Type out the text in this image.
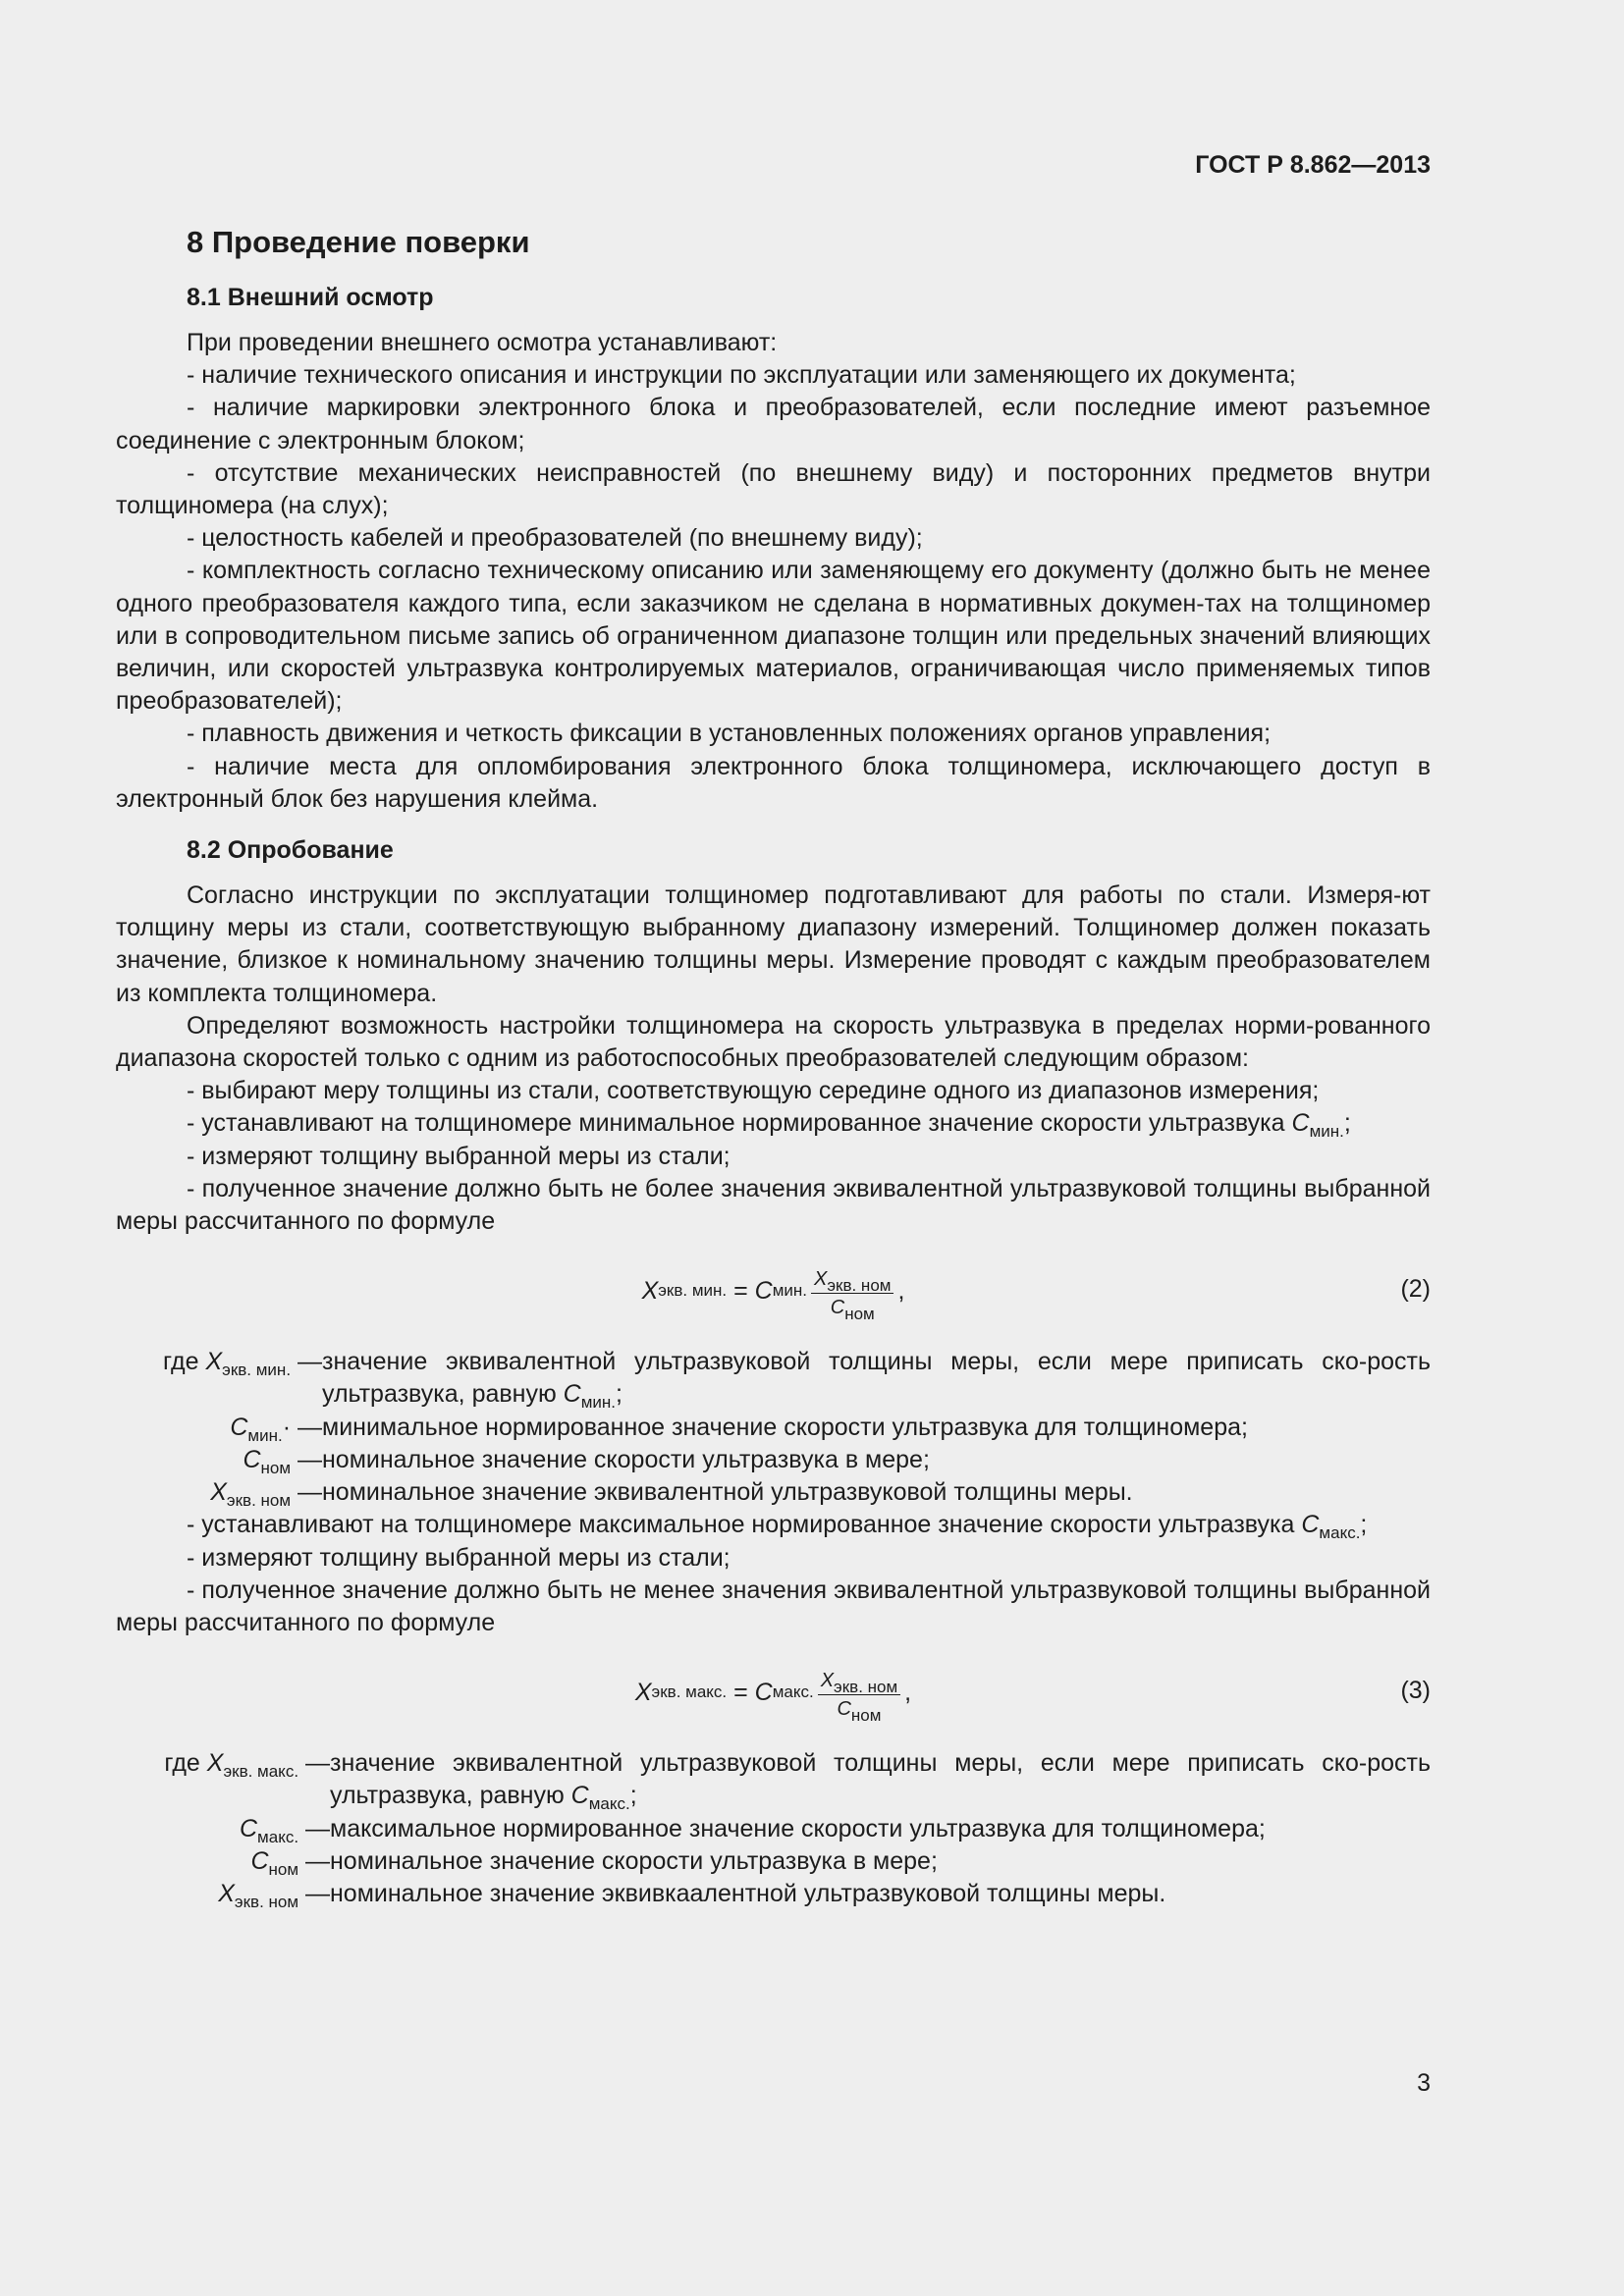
ГОСТ Р 8.862—2013
8 Проведение поверки
8.1 Внешний осмотр

При проведении внешнего осмотра устанавливают:

- наличие технического описания и инструкции по эксплуатации или заменяющего их документа;

- наличие маркировки электронного блока и преобразователей, если последние имеют разъемное соединение с электронным блоком;

- отсутствие механических неисправностей (по внешнему виду) и посторонних предметов внутри толщиномера (на слух);

- целостность кабелей и преобразователей (по внешнему виду);

- комплектность согласно техническому описанию или заменяющему его документу (должно быть не менее одного преобразователя каждого типа, если заказчиком не сделана в нормативных докумен-тах на толщиномер или в сопроводительном письме запись об ограниченном диапазоне толщин или предельных значений влияющих величин, или скоростей ультразвука контролируемых материалов, ограничивающая число применяемых типов преобразователей);

- плавность движения и четкость фиксации в установленных положениях органов управления;

- наличие места для опломбирования электронного блока толщиномера, исключающего доступ в электронный блок без нарушения клейма.

8.2 Опробование

Согласно инструкции по эксплуатации толщиномер подготавливают для работы по стали. Измеря-ют толщину меры из стали, соответствующую выбранному диапазону измерений. Толщиномер должен показать значение, близкое к номинальному значению толщины меры. Измерение проводят с каждым преобразователем из комплекта толщиномера.

Определяют возможность настройки толщиномера на скорость ультразвука в пределах норми-рованного диапазона скоростей только с одним из работоспособных преобразователей следующим образом:

- выбирают меру толщины из стали, соответствующую середине одного из диапазонов измерения;

- устанавливают на толщиномере минимальное нормированное значение скорости ультразвука $C_{мин.}$;

- измеряют толщину выбранной меры из стали;

- полученное значение должно быть не более значения эквивалентной ультразвуковой толщины выбранной меры рассчитанного по формуле

X экв. мин. = C мин. $\frac{X_{экв. ном}}{C_{ном}}$ ,	(2)
где $X_{экв. мин.}$ —	значение эквивалентной ультразвуковой толщины меры, если мере приписать ско-рость ультразвука, равную $C_{мин.}$;
$C_{мин.}\cdot$ —	минимальное нормированное значение скорости ультразвука для толщиномера;
$C_{ном}$ —	номинальное значение скорости ультразвука в мере;
$X_{экв. ном}$ —	номинальное значение эквивалентной ультразвуковой толщины меры.

- устанавливают на толщиномере максимальное нормированное значение скорости ультразвука $C_{макс.}$;

- измеряют толщину выбранной меры из стали;

- полученное значение должно быть не менее значения эквивалентной ультразвуковой толщины выбранной меры рассчитанного по формуле

X экв. макс. = C макс. $\frac{X_{экв. ном}}{C_{ном}}$ ,	(3)
где $X_{экв. макс.}$ —	значение эквивалентной ультразвуковой толщины меры, если мере приписать ско-рость ультразвука, равную $C_{макс.}$;
$C_{макс.}$ —	максимальное нормированное значение скорости ультразвука для толщиномера;
$C_{ном}$ —	номинальное значение скорости ультразвука в мере;
$X_{экв. ном}$ —	номинальное значение эквивкаалентной ультразвуковой толщины меры.
3
